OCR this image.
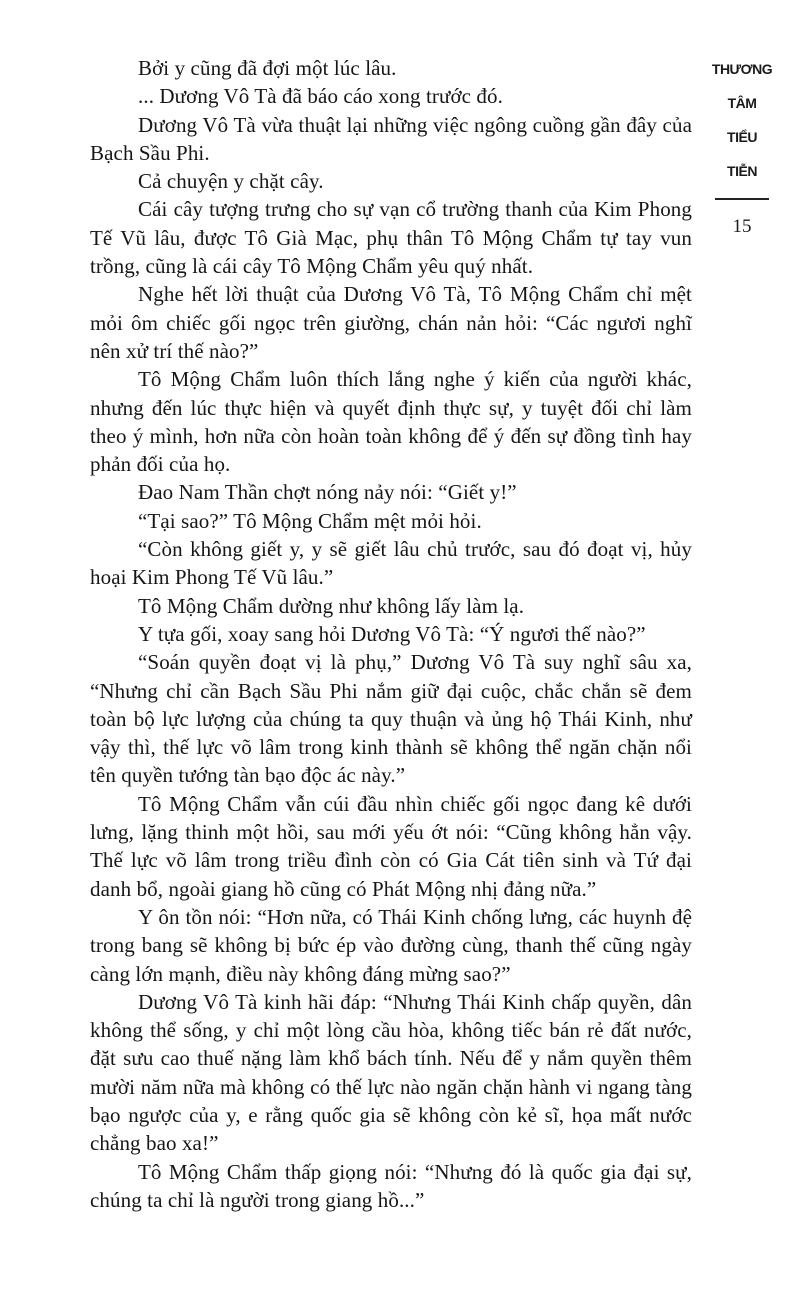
Bởi y cũng đã đợi một lúc lâu.

... Dương Vô Tà đã báo cáo xong trước đó.

Dương Vô Tà vừa thuật lại những việc ngông cuồng gần đây của Bạch Sầu Phi.

Cả chuyện y chặt cây.

Cái cây tượng trưng cho sự vạn cổ trường thanh của Kim Phong Tế Vũ lâu, được Tô Già Mạc, phụ thân Tô Mộng Chẩm tự tay vun trồng, cũng là cái cây Tô Mộng Chẩm yêu quý nhất.

Nghe hết lời thuật của Dương Vô Tà, Tô Mộng Chẩm chỉ mệt mỏi ôm chiếc gối ngọc trên giường, chán nản hỏi: “Các ngươi nghĩ nên xử trí thế nào?”

Tô Mộng Chẩm luôn thích lắng nghe ý kiến của người khác, nhưng đến lúc thực hiện và quyết định thực sự, y tuyệt đối chỉ làm theo ý mình, hơn nữa còn hoàn toàn không để ý đến sự đồng tình hay phản đối của họ.

Đao Nam Thần chợt nóng nảy nói: “Giết y!”

“Tại sao?” Tô Mộng Chẩm mệt mỏi hỏi.

“Còn không giết y, y sẽ giết lâu chủ trước, sau đó đoạt vị, hủy hoại Kim Phong Tế Vũ lâu.”

Tô Mộng Chẩm dường như không lấy làm lạ.

Y tựa gối, xoay sang hỏi Dương Vô Tà: “Ý ngươi thế nào?”

“Soán quyền đoạt vị là phụ,” Dương Vô Tà suy nghĩ sâu xa, “Nhưng chỉ cần Bạch Sầu Phi nắm giữ đại cuộc, chắc chắn sẽ đem toàn bộ lực lượng của chúng ta quy thuận và ủng hộ Thái Kinh, như vậy thì, thế lực võ lâm trong kinh thành sẽ không thể ngăn chặn nổi tên quyền tướng tàn bạo độc ác này.”

Tô Mộng Chẩm vẫn cúi đầu nhìn chiếc gối ngọc đang kê dưới lưng, lặng thinh một hồi, sau mới yếu ớt nói: “Cũng không hẳn vậy. Thế lực võ lâm trong triều đình còn có Gia Cát tiên sinh và Tứ đại danh bổ, ngoài giang hồ cũng có Phát Mộng nhị đảng nữa.”

Y ôn tồn nói: “Hơn nữa, có Thái Kinh chống lưng, các huynh đệ trong bang sẽ không bị bức ép vào đường cùng, thanh thế cũng ngày càng lớn mạnh, điều này không đáng mừng sao?”

Dương Vô Tà kinh hãi đáp: “Nhưng Thái Kinh chấp quyền, dân không thể sống, y chỉ một lòng cầu hòa, không tiếc bán rẻ đất nước, đặt sưu cao thuế nặng làm khổ bách tính. Nếu để y nắm quyền thêm mười năm nữa mà không có thế lực nào ngăn chặn hành vi ngang tàng bạo ngược của y, e rằng quốc gia sẽ không còn kẻ sĩ, họa mất nước chẳng bao xa!”

Tô Mộng Chẩm thấp giọng nói: “Nhưng đó là quốc gia đại sự, chúng ta chỉ là người trong giang hồ...”

THƯƠNG
TÂM
TIỂU
TIỄN
15
